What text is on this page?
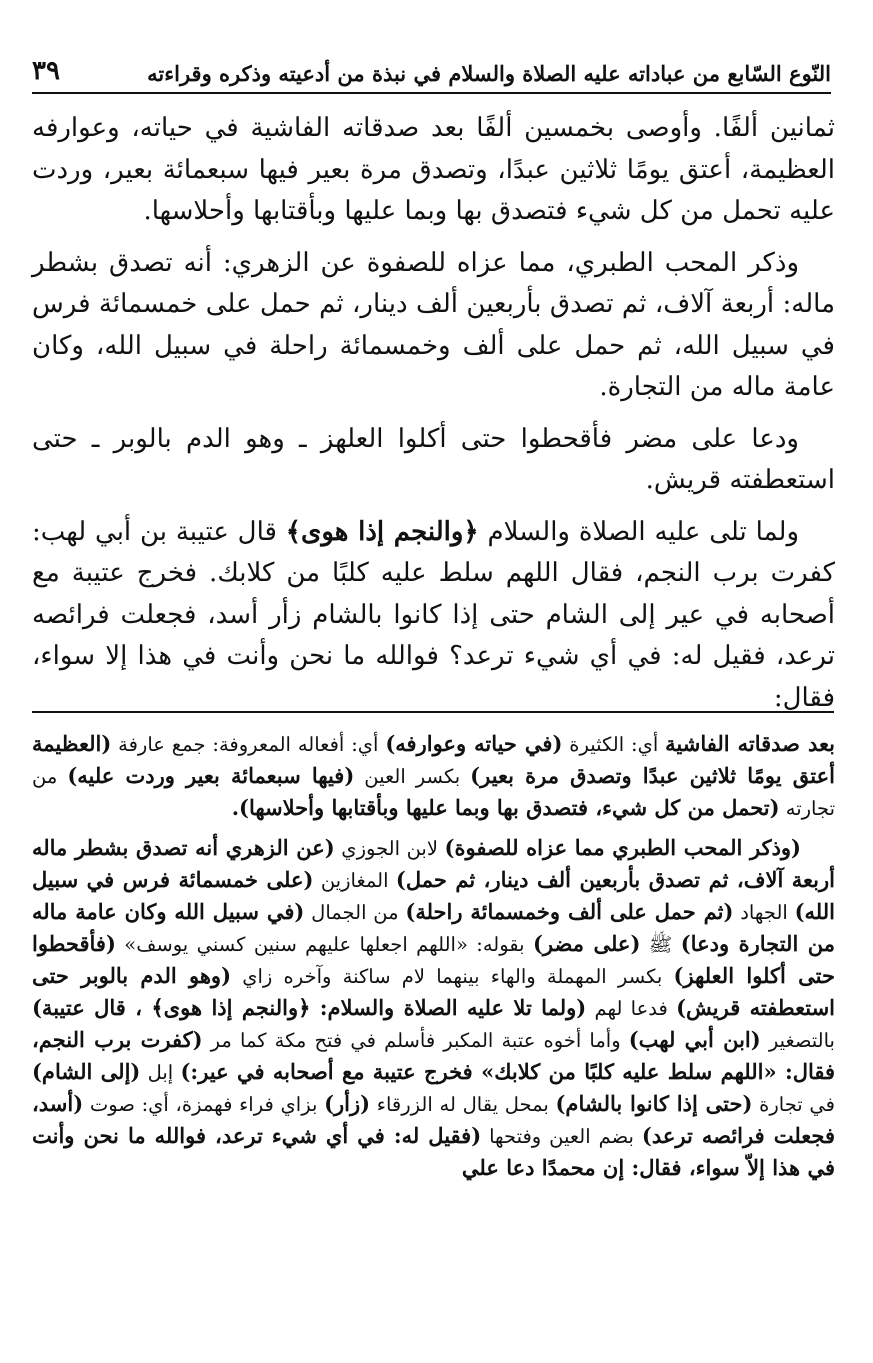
النّوع السّابع من عباداته عليه الصلاة والسلام في نبذة من أدعيته وذكره وقراءته
٣٩

ثمانين ألفًا. وأوصى بخمسين ألفًا بعد صدقاته الفاشية في حياته، وعوارفه العظيمة، أعتق يومًا ثلاثين عبدًا، وتصدق مرة بعير فيها سبعمائة بعير، وردت عليه تحمل من كل شيء فتصدق بها وبما عليها وبأقتابها وأحلاسها.

وذكر المحب الطبري، مما عزاه للصفوة عن الزهري: أنه تصدق بشطر ماله: أربعة آلاف، ثم تصدق بأربعين ألف دينار، ثم حمل على خمسمائة فرس في سبيل الله، ثم حمل على ألف وخمسمائة راحلة في سبيل الله، وكان عامة ماله من التجارة.

ودعا على مضر فأقحطوا حتى أكلوا العلهز ـ وهو الدم بالوبر ـ حتى استعطفته قريش.

ولما تلى عليه الصلاة والسلام ﴿والنجم إذا هوى﴾ قال عتيبة بن أبي لهب: كفرت برب النجم، فقال اللهم سلط عليه كلبًا من كلابك. فخرج عتيبة مع أصحابه في عير إلى الشام حتى إذا كانوا بالشام زأر أسد، فجعلت فرائصه ترعد، فقيل له: في أي شيء ترعد؟ فوالله ما نحن وأنت في هذا إلا سواء، فقال:

بعد صدقاته الفاشية أي: الكثيرة (في حياته وعوارفه) أي: أفعاله المعروفة: جمع عارفة (العظيمة أعتق يومًا ثلاثين عبدًا وتصدق مرة بعير) بكسر العين (فيها سبعمائة بعير وردت عليه) من تجارته (تحمل من كل شيء، فتصدق بها وبما عليها وبأقتابها وأحلاسها).

(وذكر المحب الطبري مما عزاه للصفوة) لابن الجوزي (عن الزهري أنه تصدق بشطر ماله أربعة آلاف، ثم تصدق بأربعين ألف دينار، ثم حمل) المغازين (على خمسمائة فرس في سبيل الله) الجهاد (ثم حمل على ألف وخمسمائة راحلة) من الجمال (في سبيل الله وكان عامة ماله من التجارة ودعا) ﷺ (على مضر) بقوله: «اللهم اجعلها عليهم سنين كسني يوسف» (فأقحطوا حتى أكلوا العلهز) بكسر المهملة والهاء بينهما لام ساكنة وآخره زاي (وهو الدم بالوبر حتى استعطفته قريش) فدعا لهم (ولما تلا عليه الصلاة والسلام: ﴿والنجم إذا هوى﴾ ، قال عتيبة) بالتصغير (ابن أبي لهب) وأما أخوه عتبة المكبر فأسلم في فتح مكة كما مر (كفرت برب النجم، فقال: «اللهم سلط عليه كلبًا من كلابك» فخرج عتيبة مع أصحابه في عير:) إبل (إلى الشام) في تجارة (حتى إذا كانوا بالشام) بمحل يقال له الزرقاء (زأر) بزاي فراء فهمزة، أي: صوت (أسد، فجعلت فرائصه ترعد) بضم العين وفتحها (فقيل له: في أي شيء ترعد، فوالله ما نحن وأنت في هذا إلاّ سواء، فقال: إن محمدًا دعا علي
